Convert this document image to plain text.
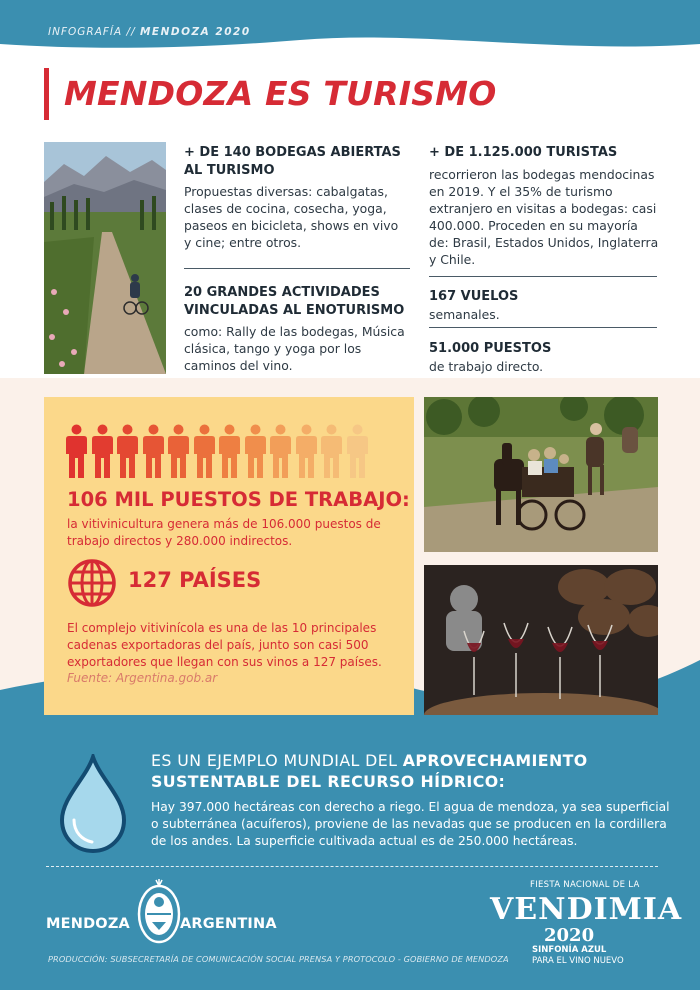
INFOGRAFÍA // MENDOZA 2020
MENDOZA ES TURISMO
+ DE 140 BODEGAS ABIERTAS AL TURISMO

Propuestas diversas: cabalgatas, clases de cocina, cosecha, yoga, paseos en bicicleta, shows en vivo y cine; entre otros.

20 GRANDES ACTIVIDADES VINCULADAS AL ENOTURISMO

como: Rally de las bodegas, Música clásica, tango y yoga por los caminos del vino.

+ DE 1.125.000 TURISTAS

recorrieron las bodegas mendocinas en 2019. Y el 35% de turismo extranjero en visitas a bodegas: casi 400.000. Proceden en su mayoría de: Brasil, Estados Unidos, Inglaterra y Chile.

167 VUELOS

semanales.

51.000 PUESTOS

de trabajo directo.

106 MIL PUESTOS DE TRABAJO:
la vitivinicultura genera más de 106.000 puestos de trabajo directos y 280.000 indirectos.
127 PAÍSES
El complejo vitivinícola es una de las 10 principales cadenas exportadoras del país, junto son casi 500 exportadores que llegan con sus vinos a 127 países.
Fuente: Argentina.gob.ar
ES UN EJEMPLO MUNDIAL DEL APROVECHAMIENTO
SUSTENTABLE DEL RECURSO HÍDRICO:
Hay 397.000 hectáreas con derecho a riego. El agua de mendoza, ya sea superficial o subterránea (acuíferos), proviene de las nevadas que se producen en la cordillera de los andes. La superficie cultivada actual es de 250.000 hectáreas.
MENDOZA	ARGENTINA
FIESTA NACIONAL DE LA
VENDIMIA
2020
SINFONÍA AZUL
PARA EL VINO NUEVO
PRODUCCIÓN: SUBSECRETARÍA DE COMUNICACIÓN SOCIAL PRENSA Y PROTOCOLO - GOBIERNO DE MENDOZA
